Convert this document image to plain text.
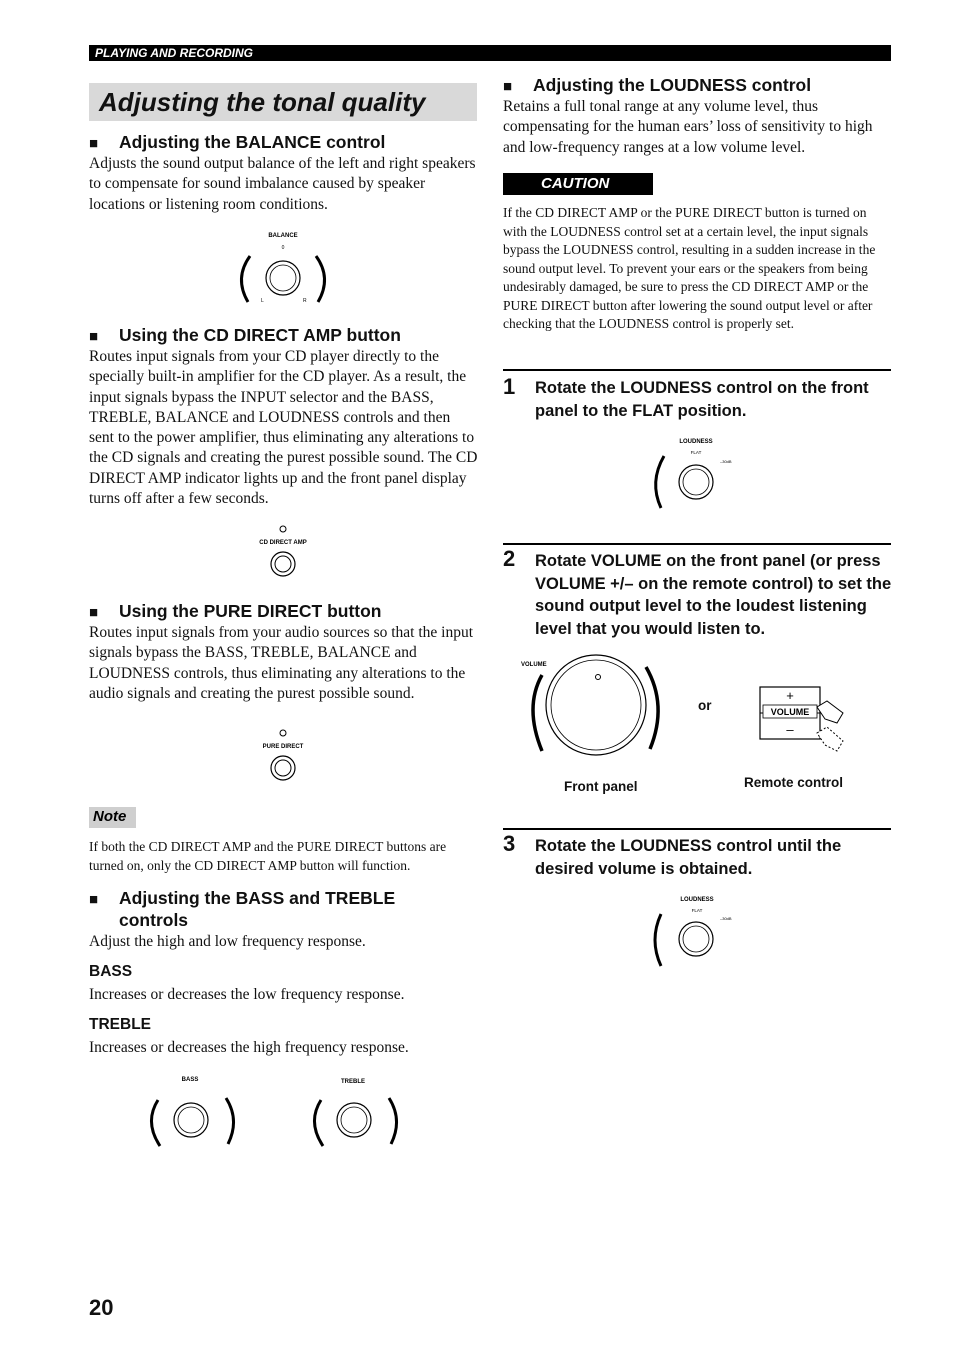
PLAYING AND RECORDING
Adjusting the tonal quality
■ Adjusting the BALANCE control
Adjusts the sound output balance of the left and right speakers to compensate for sound imbalance caused by speaker locations or listening room conditions.
BALANCE
0
L	R
■ Using the CD DIRECT AMP button
Routes input signals from your CD player directly to the specially built-in amplifier for the CD player. As a result, the input signals bypass the INPUT selector and the BASS, TREBLE, BALANCE and LOUDNESS controls and then sent to the power amplifier, thus eliminating any alterations to the CD signals and creating the purest possible sound. The CD DIRECT AMP indicator lights up and the front panel display turns off after a few seconds.
CD DIRECT AMP
■ Using the PURE DIRECT button
Routes input signals from your audio sources so that the input signals bypass the BASS, TREBLE, BALANCE and LOUDNESS controls, thus eliminating any alterations to the audio signals and creating the purest possible sound.
PURE DIRECT
Note
If both the CD DIRECT AMP and the PURE DIRECT buttons are turned on, only the CD DIRECT AMP button will function.
■ Adjusting the BASS and TREBLE
controls
Adjust the high and low frequency response.
BASS
Increases or decreases the low frequency response.
TREBLE
Increases or decreases the high frequency response.
BASS	TREBLE
■ Adjusting the LOUDNESS control
Retains a full tonal range at any volume level, thus compensating for the human ears’ loss of sensitivity to high and low-frequency ranges at a low volume level.
CAUTION
If the CD DIRECT AMP or the PURE DIRECT button is turned on with the LOUDNESS control set at a certain level, the input signals bypass the LOUDNESS control, resulting in a sudden increase in the sound output level. To prevent your ears or the speakers from being undesirably damaged, be sure to press the CD DIRECT AMP or the PURE DIRECT button after lowering the sound output level or after checking that the LOUDNESS control is properly set.
1 Rotate the LOUDNESS control on the front panel to the FLAT position.
LOUDNESS
FLAT
–30dB
2 Rotate VOLUME on the front panel (or press VOLUME +/– on the remote control) to set the sound output level to the loudest listening level that you would listen to.
VOLUME
or
+
–
VOLUME
Front panel	Remote control
3 Rotate the LOUDNESS control until the desired volume is obtained.
LOUDNESS
FLAT
–30dB
20
